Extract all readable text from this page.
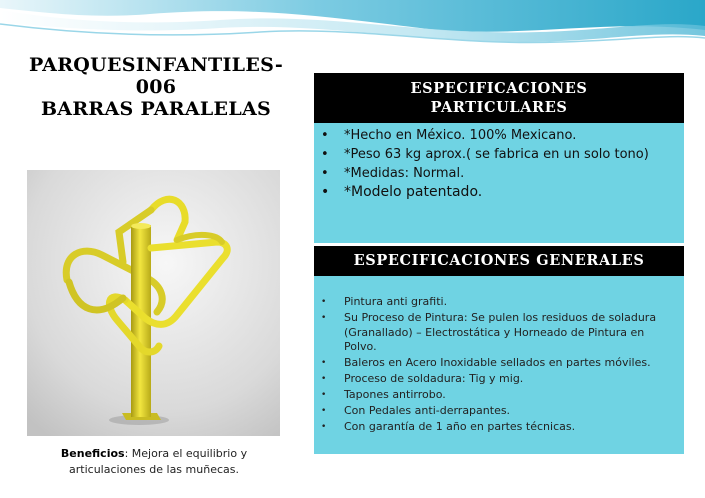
PARQUESINFANTILES-
006
BARRAS PARALELAS
Beneficios: Mejora el equilibrio y articulaciones de las muñecas.
ESPECIFICACIONES
PARTICULARES
• *Hecho en México. 100% Mexicano.
• *Peso 63 kg aprox.( se fabrica en un solo tono)
• *Medidas: Normal.
• *Modelo patentado.
ESPECIFICACIONES GENERALES
• Pintura anti grafiti.
• Su Proceso de Pintura: Se pulen los residuos de soladura (Granallado) – Electrostática y Horneado de Pintura en Polvo.
• Baleros en Acero Inoxidable sellados en partes móviles.
• Proceso de soldadura: Tig y mig.
• Tapones antirrobo.
• Con Pedales anti-derrapantes.
• Con garantía de 1 año en partes técnicas.
